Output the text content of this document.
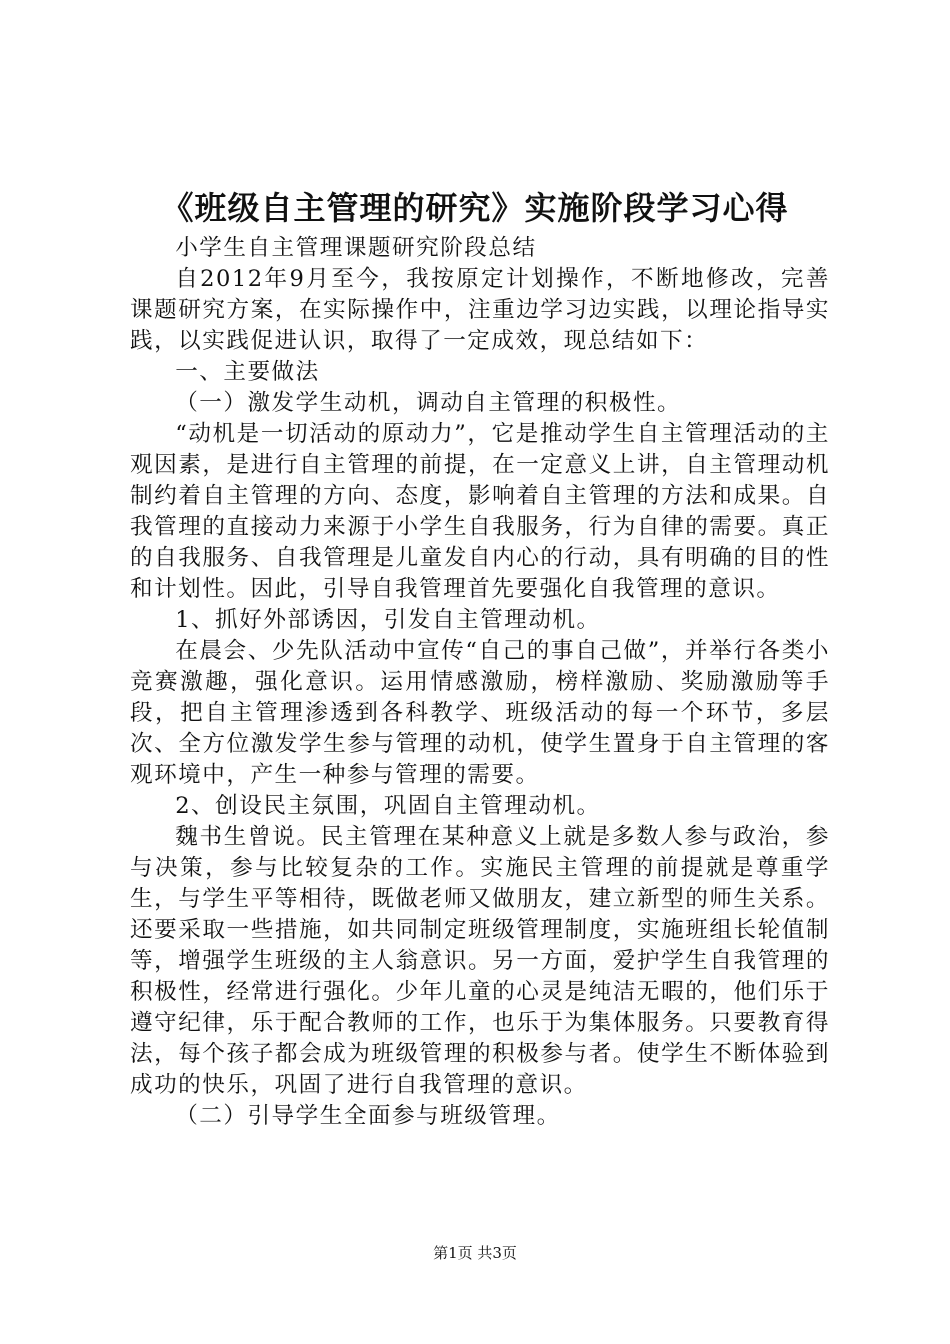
《班级自主管理的研究》实施阶段学习心得

小学生自主管理课题研究阶段总结

自2012年9月至今，我按原定计划操作，不断地修改，完善课题研究方案，在实际操作中，注重边学习边实践，以理论指导实践，以实践促进认识，取得了一定成效，现总结如下：

一、主要做法

（一）激发学生动机，调动自主管理的积极性。

“动机是一切活动的原动力”，它是推动学生自主管理活动的主观因素，是进行自主管理的前提，在一定意义上讲，自主管理动机制约着自主管理的方向、态度，影响着自主管理的方法和成果。自我管理的直接动力来源于小学生自我服务，行为自律的需要。真正的自我服务、自我管理是儿童发自内心的行动，具有明确的目的性和计划性。因此，引导自我管理首先要强化自我管理的意识。

1、抓好外部诱因，引发自主管理动机。

在晨会、少先队活动中宣传“自己的事自己做”，并举行各类小竞赛激趣，强化意识。运用情感激励，榜样激励、奖励激励等手段，把自主管理渗透到各科教学、班级活动的每一个环节，多层次、全方位激发学生参与管理的动机，使学生置身于自主管理的客观环境中，产生一种参与管理的需要。

2、创设民主氛围，巩固自主管理动机。

魏书生曾说。民主管理在某种意义上就是多数人参与政治，参与决策，参与比较复杂的工作。实施民主管理的前提就是尊重学生，与学生平等相待，既做老师又做朋友，建立新型的师生关系。还要采取一些措施，如共同制定班级管理制度，实施班组长轮值制等，增强学生班级的主人翁意识。另一方面，爱护学生自我管理的积极性，经常进行强化。少年儿童的心灵是纯洁无暇的，他们乐于遵守纪律，乐于配合教师的工作，也乐于为集体服务。只要教育得法，每个孩子都会成为班级管理的积极参与者。使学生不断体验到成功的快乐，巩固了进行自我管理的意识。

（二）引导学生全面参与班级管理。

第1页 共3页
